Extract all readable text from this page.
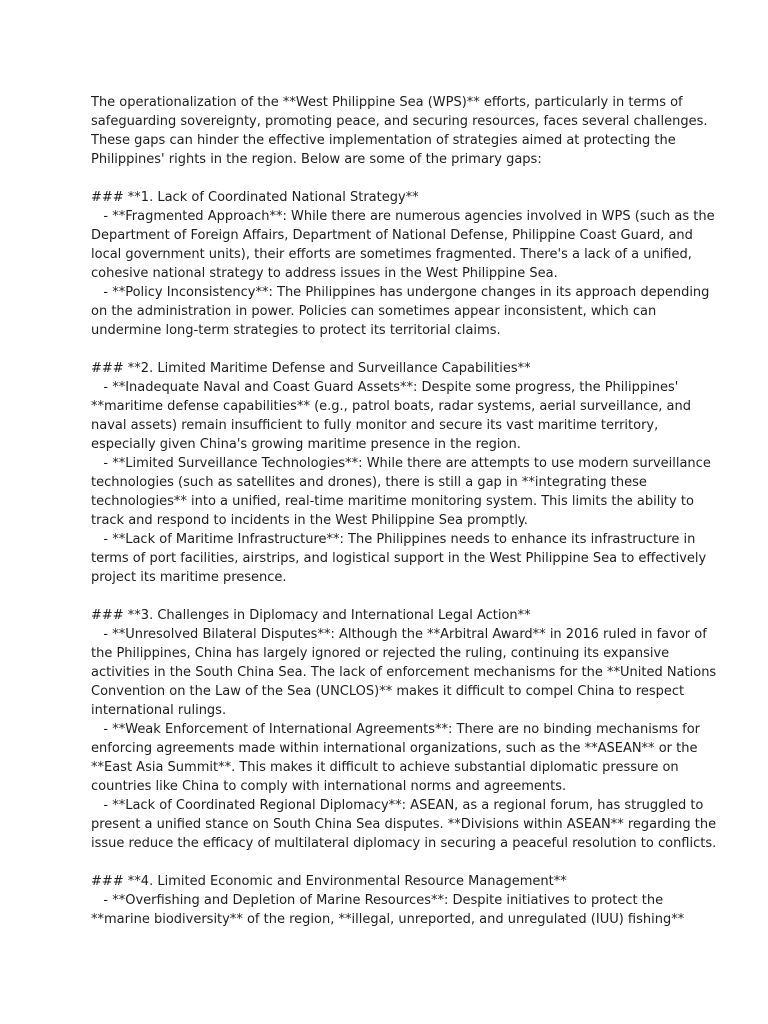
The operationalization of the **West Philippine Sea (WPS)** efforts, particularly in terms of
safeguarding sovereignty, promoting peace, and securing resources, faces several challenges.
These gaps can hinder the effective implementation of strategies aimed at protecting the
Philippines' rights in the region. Below are some of the primary gaps:
### **1. Lack of Coordinated National Strategy**
- **Fragmented Approach**: While there are numerous agencies involved in WPS (such as the
Department of Foreign Affairs, Department of National Defense, Philippine Coast Guard, and
local government units), their efforts are sometimes fragmented. There's a lack of a unified,
cohesive national strategy to address issues in the West Philippine Sea.
- **Policy Inconsistency**: The Philippines has undergone changes in its approach depending
on the administration in power. Policies can sometimes appear inconsistent, which can
undermine long-term strategies to protect its territorial claims.
### **2. Limited Maritime Defense and Surveillance Capabilities**
- **Inadequate Naval and Coast Guard Assets**: Despite some progress, the Philippines'
**maritime defense capabilities** (e.g., patrol boats, radar systems, aerial surveillance, and
naval assets) remain insufficient to fully monitor and secure its vast maritime territory,
especially given China's growing maritime presence in the region.
- **Limited Surveillance Technologies**: While there are attempts to use modern surveillance
technologies (such as satellites and drones), there is still a gap in **integrating these
technologies** into a unified, real-time maritime monitoring system. This limits the ability to
track and respond to incidents in the West Philippine Sea promptly.
- **Lack of Maritime Infrastructure**: The Philippines needs to enhance its infrastructure in
terms of port facilities, airstrips, and logistical support in the West Philippine Sea to effectively
project its maritime presence.
### **3. Challenges in Diplomacy and International Legal Action**
- **Unresolved Bilateral Disputes**: Although the **Arbitral Award** in 2016 ruled in favor of
the Philippines, China has largely ignored or rejected the ruling, continuing its expansive
activities in the South China Sea. The lack of enforcement mechanisms for the **United Nations
Convention on the Law of the Sea (UNCLOS)** makes it difficult to compel China to respect
international rulings.
- **Weak Enforcement of International Agreements**: There are no binding mechanisms for
enforcing agreements made within international organizations, such as the **ASEAN** or the
**East Asia Summit**. This makes it difficult to achieve substantial diplomatic pressure on
countries like China to comply with international norms and agreements.
- **Lack of Coordinated Regional Diplomacy**: ASEAN, as a regional forum, has struggled to
present a unified stance on South China Sea disputes. **Divisions within ASEAN** regarding the
issue reduce the efficacy of multilateral diplomacy in securing a peaceful resolution to conflicts.
### **4. Limited Economic and Environmental Resource Management**
- **Overfishing and Depletion of Marine Resources**: Despite initiatives to protect the
**marine biodiversity** of the region, **illegal, unreported, and unregulated (IUU) fishing**
